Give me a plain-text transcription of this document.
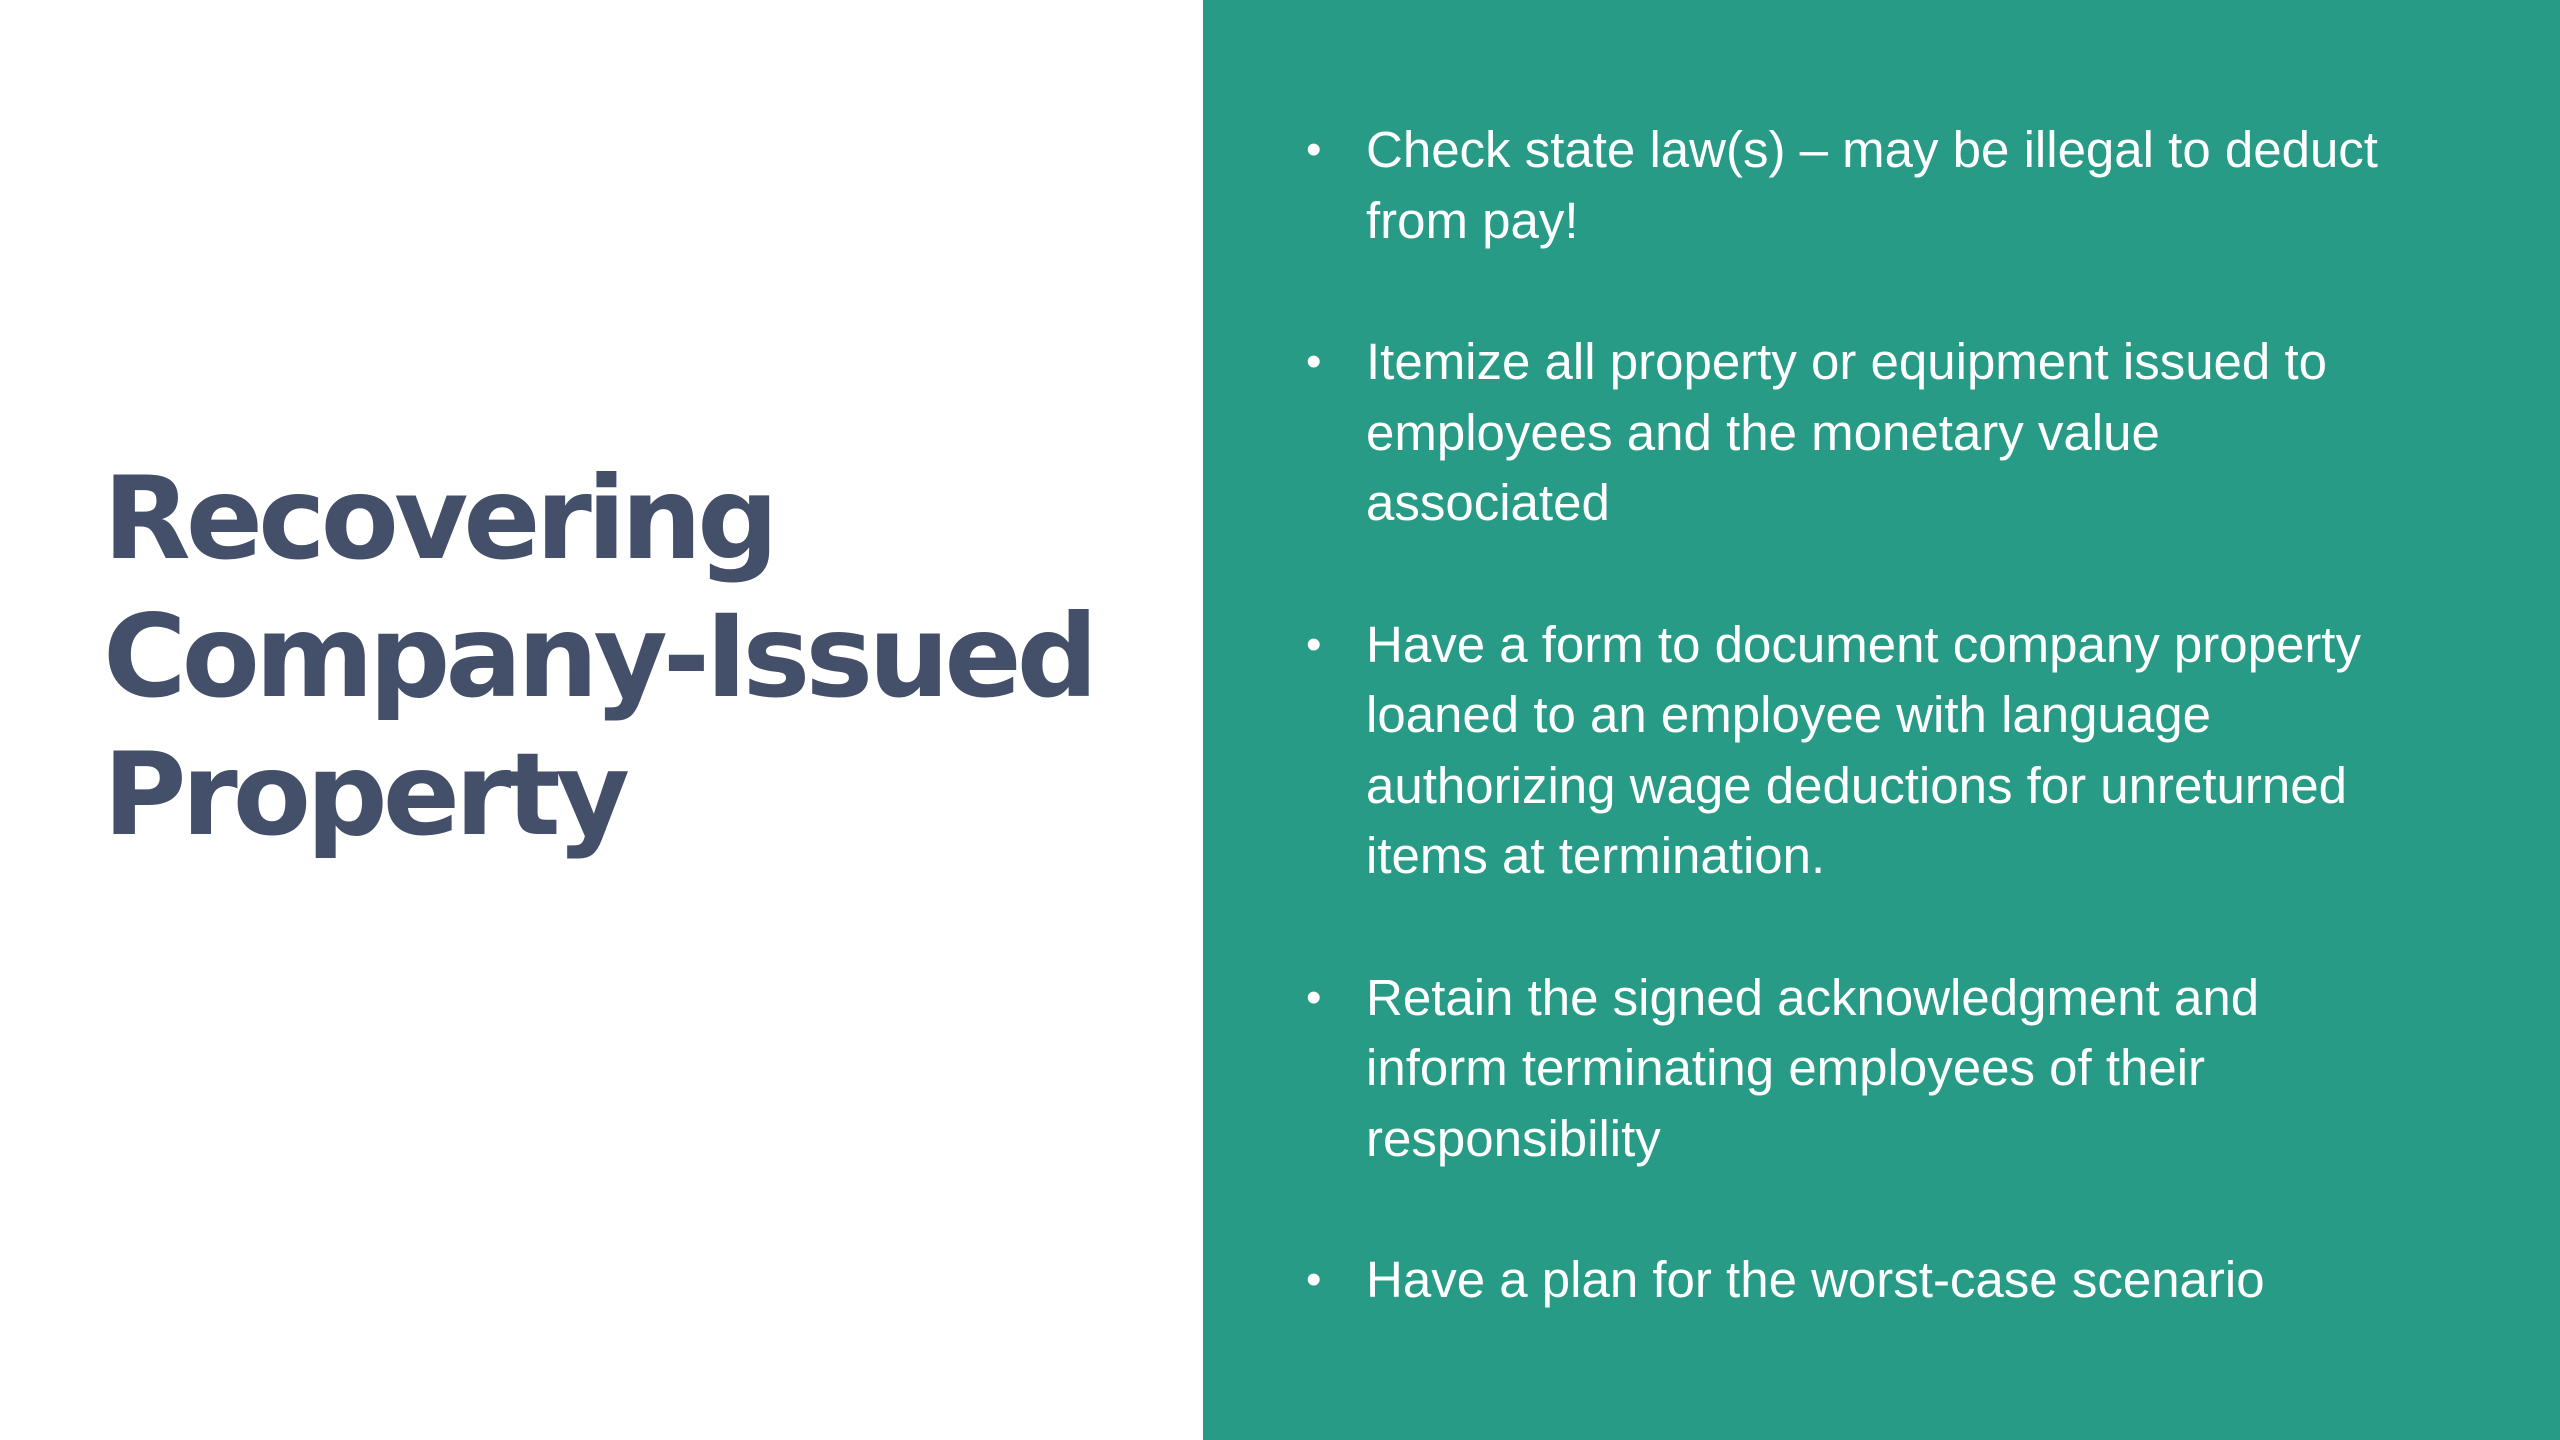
Recovering
Company-Issued
Property
• Check state law(s) – may be illegal to deduct
from pay!
• Itemize all property or equipment issued to
employees and the monetary value
associated
• Have a form to document company property
loaned to an employee with language
authorizing wage deductions for unreturned
items at termination.
• Retain the signed acknowledgment and
inform terminating employees of their
responsibility
• Have a plan for the worst-case scenario
